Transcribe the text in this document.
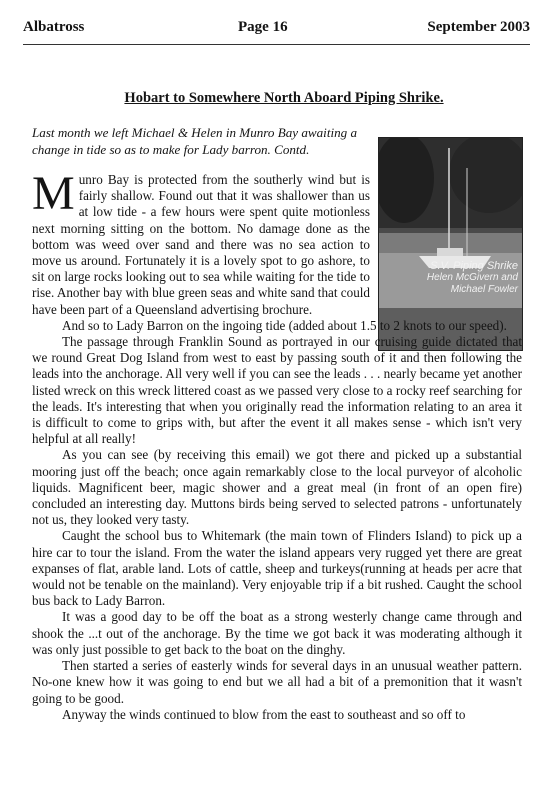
Albatross	Page 16	September 2003
Hobart to Somewhere North Aboard Piping Shrike.
Last month we left Michael & Helen in Munro Bay awaiting a change in tide so as to make for Lady barron. Contd.
S.V. Piping Shrike
Helen McGivern and
Michael Fowler

Munro Bay is protected from the southerly wind but is fairly shallow. Found out that it was shallower than us at low tide - a few hours were spent quite motionless next morning sitting on the bottom. No damage done as the bottom was weed over sand and there was no sea action to move us around. Fortunately it is a lovely spot to go ashore, to sit on large rocks looking out to sea while waiting for the tide to rise. Another bay with blue green seas and white sand that could have been part of a Queensland advertising brochure.

And so to Lady Barron on the ingoing tide (added about 1.5 to 2 knots to our speed).

The passage through Franklin Sound as portrayed in our cruising guide dictated that we round Great Dog Island from west to east by passing south of it and then following the leads into the anchorage. All very well if you can see the leads . . . nearly became yet another listed wreck on this wreck littered coast as we passed very close to a rocky reef searching for the leads. It's interesting that when you originally read the information relating to an area it is difficult to come to grips with, but after the event it all makes sense - which isn't very helpful at all really!

As you can see (by receiving this email) we got there and picked up a substantial mooring just off the beach; once again remarkably close to the local purveyor of alcoholic liquids. Magnificent beer, magic shower and a great meal (in front of an open fire) concluded an interesting day. Muttons birds being served to selected patrons - unfortunately not us, they looked very tasty.

Caught the school bus to Whitemark (the main town of Flinders Island) to pick up a hire car to tour the island. From the water the island appears very rugged yet there are great expanses of flat, arable land. Lots of cattle, sheep and turkeys(running at heads per acre that would not be tenable on the mainland). Very enjoyable trip if a bit rushed. Caught the school bus back to Lady Barron.

It was a good day to be off the boat as a strong westerly change came through and shook the ...t out of the anchorage. By the time we got back it was moderating although it was only just possible to get back to the boat on the dinghy.

Then started a series of easterly winds for several days in an unusual weather pattern. No-one knew how it was going to end but we all had a bit of a premonition that it wasn't going to be good.

Anyway the winds continued to blow from the east to southeast and so off to
